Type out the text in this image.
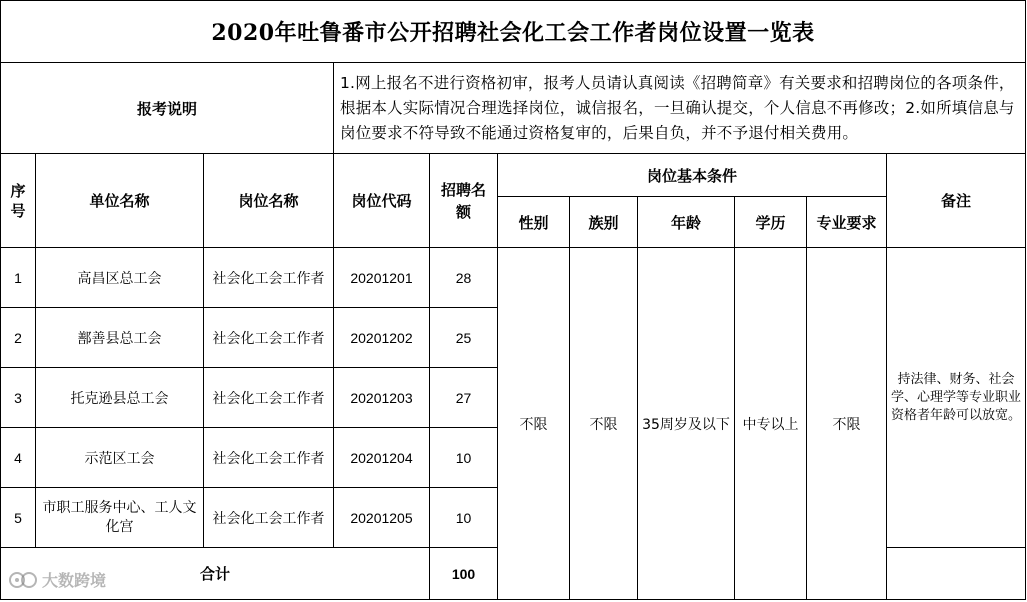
2020年吐鲁番市公开招聘社会化工会工作者岗位设置一览表										
报考说明			1.网上报名不进行资格初审，报考人员请认真阅读《招聘简章》有关要求和招聘岗位的各项条件，根据本人实际情况合理选择岗位，诚信报名，一旦确认提交，个人信息不再修改；2.如所填信息与岗位要求不符导致不能通过资格复审的，后果自负，并不予退付相关费用。							
序号	单位名称	岗位名称	岗位代码	招聘名额	岗位基本条件					备注
					性别	族别	年龄	学历	专业要求	
1	高昌区总工会	社会化工会工作者	20201201	28	不限	不限	35周岁及以下	中专以上	不限	持法律、财务、社会学、心理学等专业职业资格者年龄可以放宽。
2	鄯善县总工会	社会化工会工作者	20201202	25						
3	托克逊县总工会	社会化工会工作者	20201203	27						
4	示范区工会	社会化工会工作者	20201204	10						
5	市职工服务中心、工人文化宫	社会化工会工作者	20201205	10						
合计				100						
大数跨境
